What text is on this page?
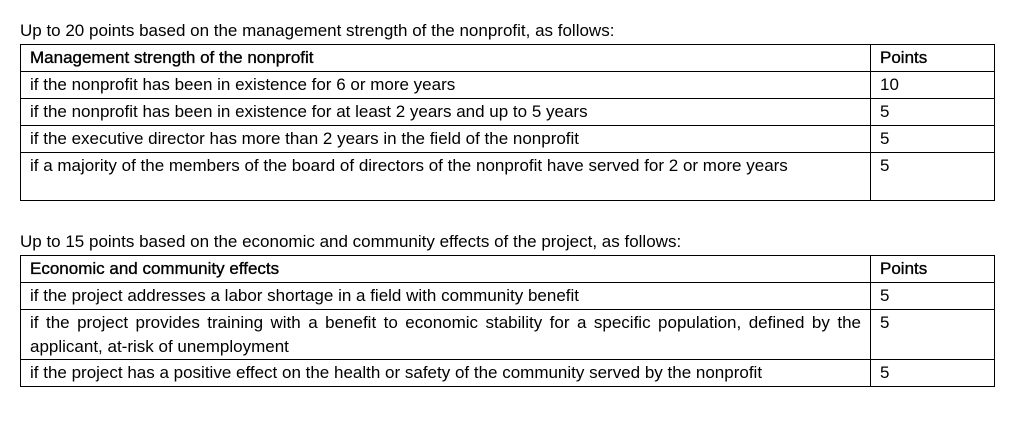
Up to 20 points based on the management strength of the nonprofit, as follows:
Management strength of the nonprofit	Points
if the nonprofit has been in existence for 6 or more years	10
if the nonprofit has been in existence for at least 2 years and up to 5 years	5
if the executive director has more than 2 years in the field of the nonprofit	5
if a majority of the members of the board of directors of the nonprofit have served for 2 or more years	5
Up to 15 points based on the economic and community effects of the project, as follows:
Economic and community effects	Points
if the project addresses a labor shortage in a field with community benefit	5
if the project provides training with a benefit to economic stability for a specific population, defined by the applicant, at-risk of unemployment	5
if the project has a positive effect on the health or safety of the community served by the nonprofit	5
